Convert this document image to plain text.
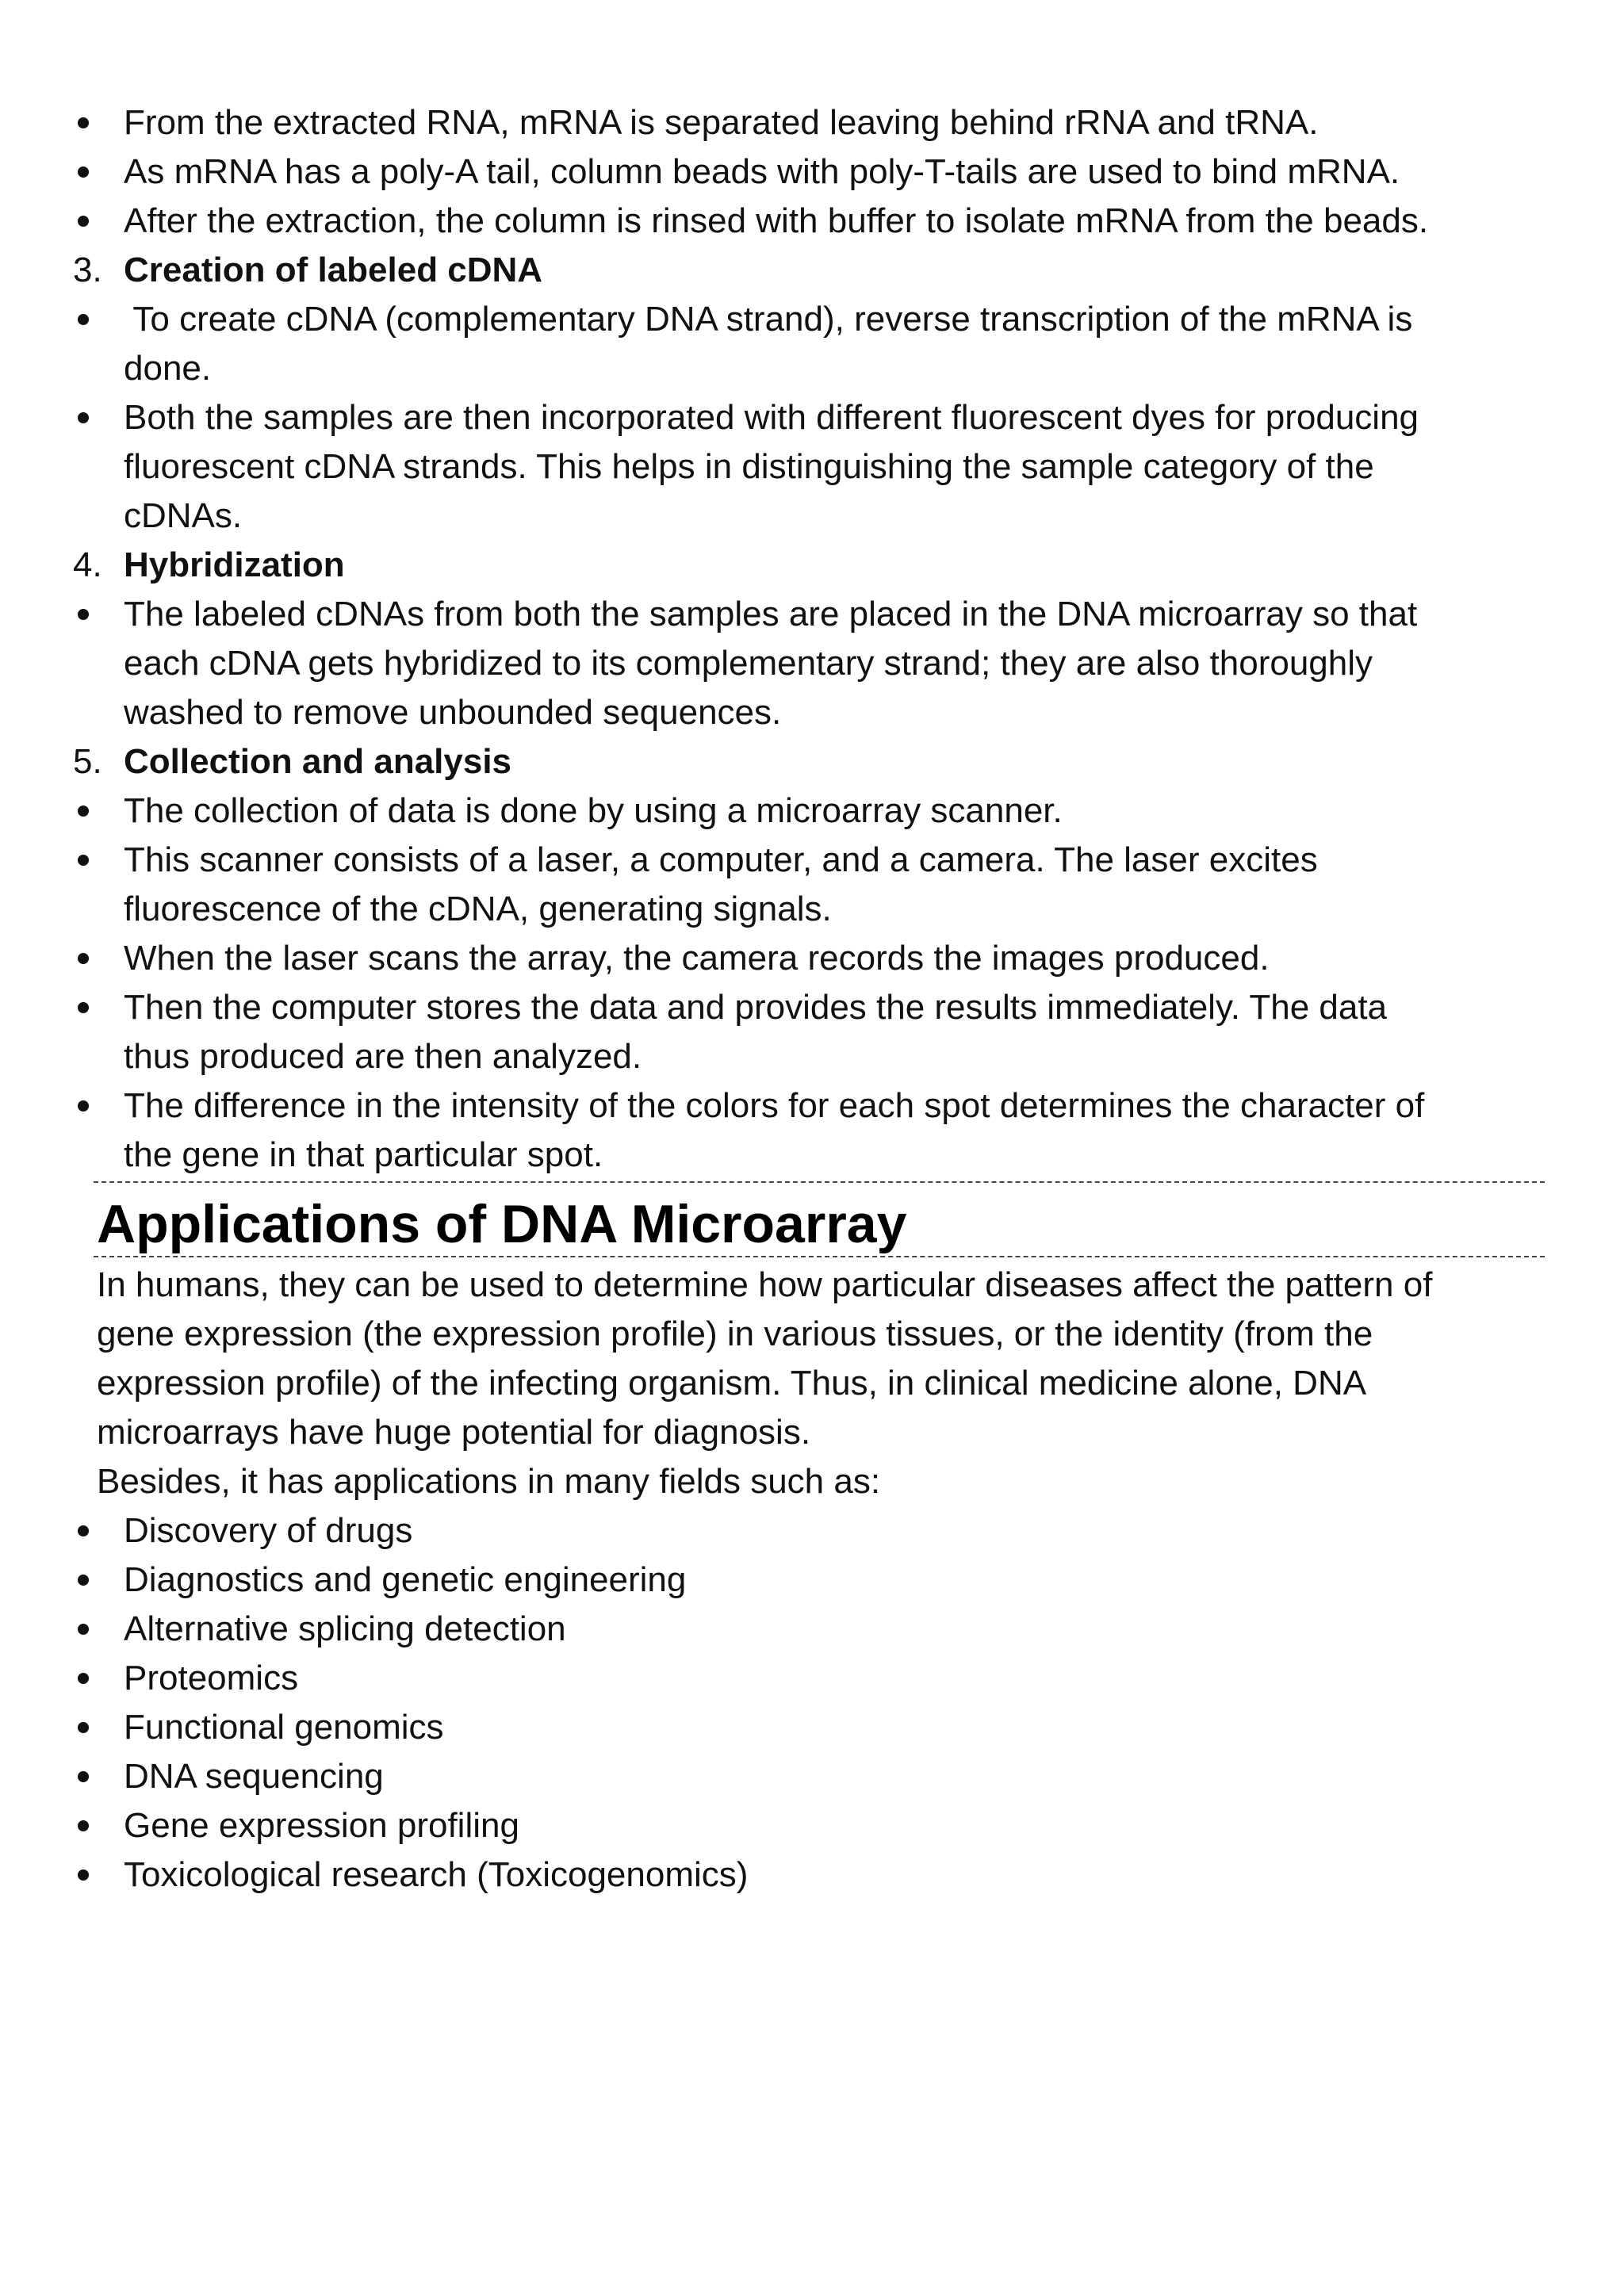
From the extracted RNA, mRNA is separated leaving behind rRNA and tRNA.
As mRNA has a poly-A tail, column beads with poly-T-tails are used to bind mRNA.
After the extraction, the column is rinsed with buffer to isolate mRNA from the beads.
3. Creation of labeled cDNA
To create cDNA (complementary DNA strand), reverse transcription of the mRNA is
done.
Both the samples are then incorporated with different fluorescent dyes for producing
fluorescent cDNA strands. This helps in distinguishing the sample category of the
cDNAs.
4. Hybridization
The labeled cDNAs from both the samples are placed in the DNA microarray so that
each cDNA gets hybridized to its complementary strand; they are also thoroughly
washed to remove unbounded sequences.
5. Collection and analysis
The collection of data is done by using a microarray scanner.
This scanner consists of a laser, a computer, and a camera. The laser excites
fluorescence of the cDNA, generating signals.
When the laser scans the array, the camera records the images produced.
Then the computer stores the data and provides the results immediately. The data
thus produced are then analyzed.
The difference in the intensity of the colors for each spot determines the character of
the gene in that particular spot.
Applications of DNA Microarray
In humans, they can be used to determine how particular diseases affect the pattern of
gene expression (the expression profile) in various tissues, or the identity (from the
expression profile) of the infecting organism. Thus, in clinical medicine alone, DNA
microarrays have huge potential for diagnosis.
Besides, it has applications in many fields such as:
Discovery of drugs
Diagnostics and genetic engineering
Alternative splicing detection
Proteomics
Functional genomics
DNA sequencing
Gene expression profiling
Toxicological research (Toxicogenomics)
